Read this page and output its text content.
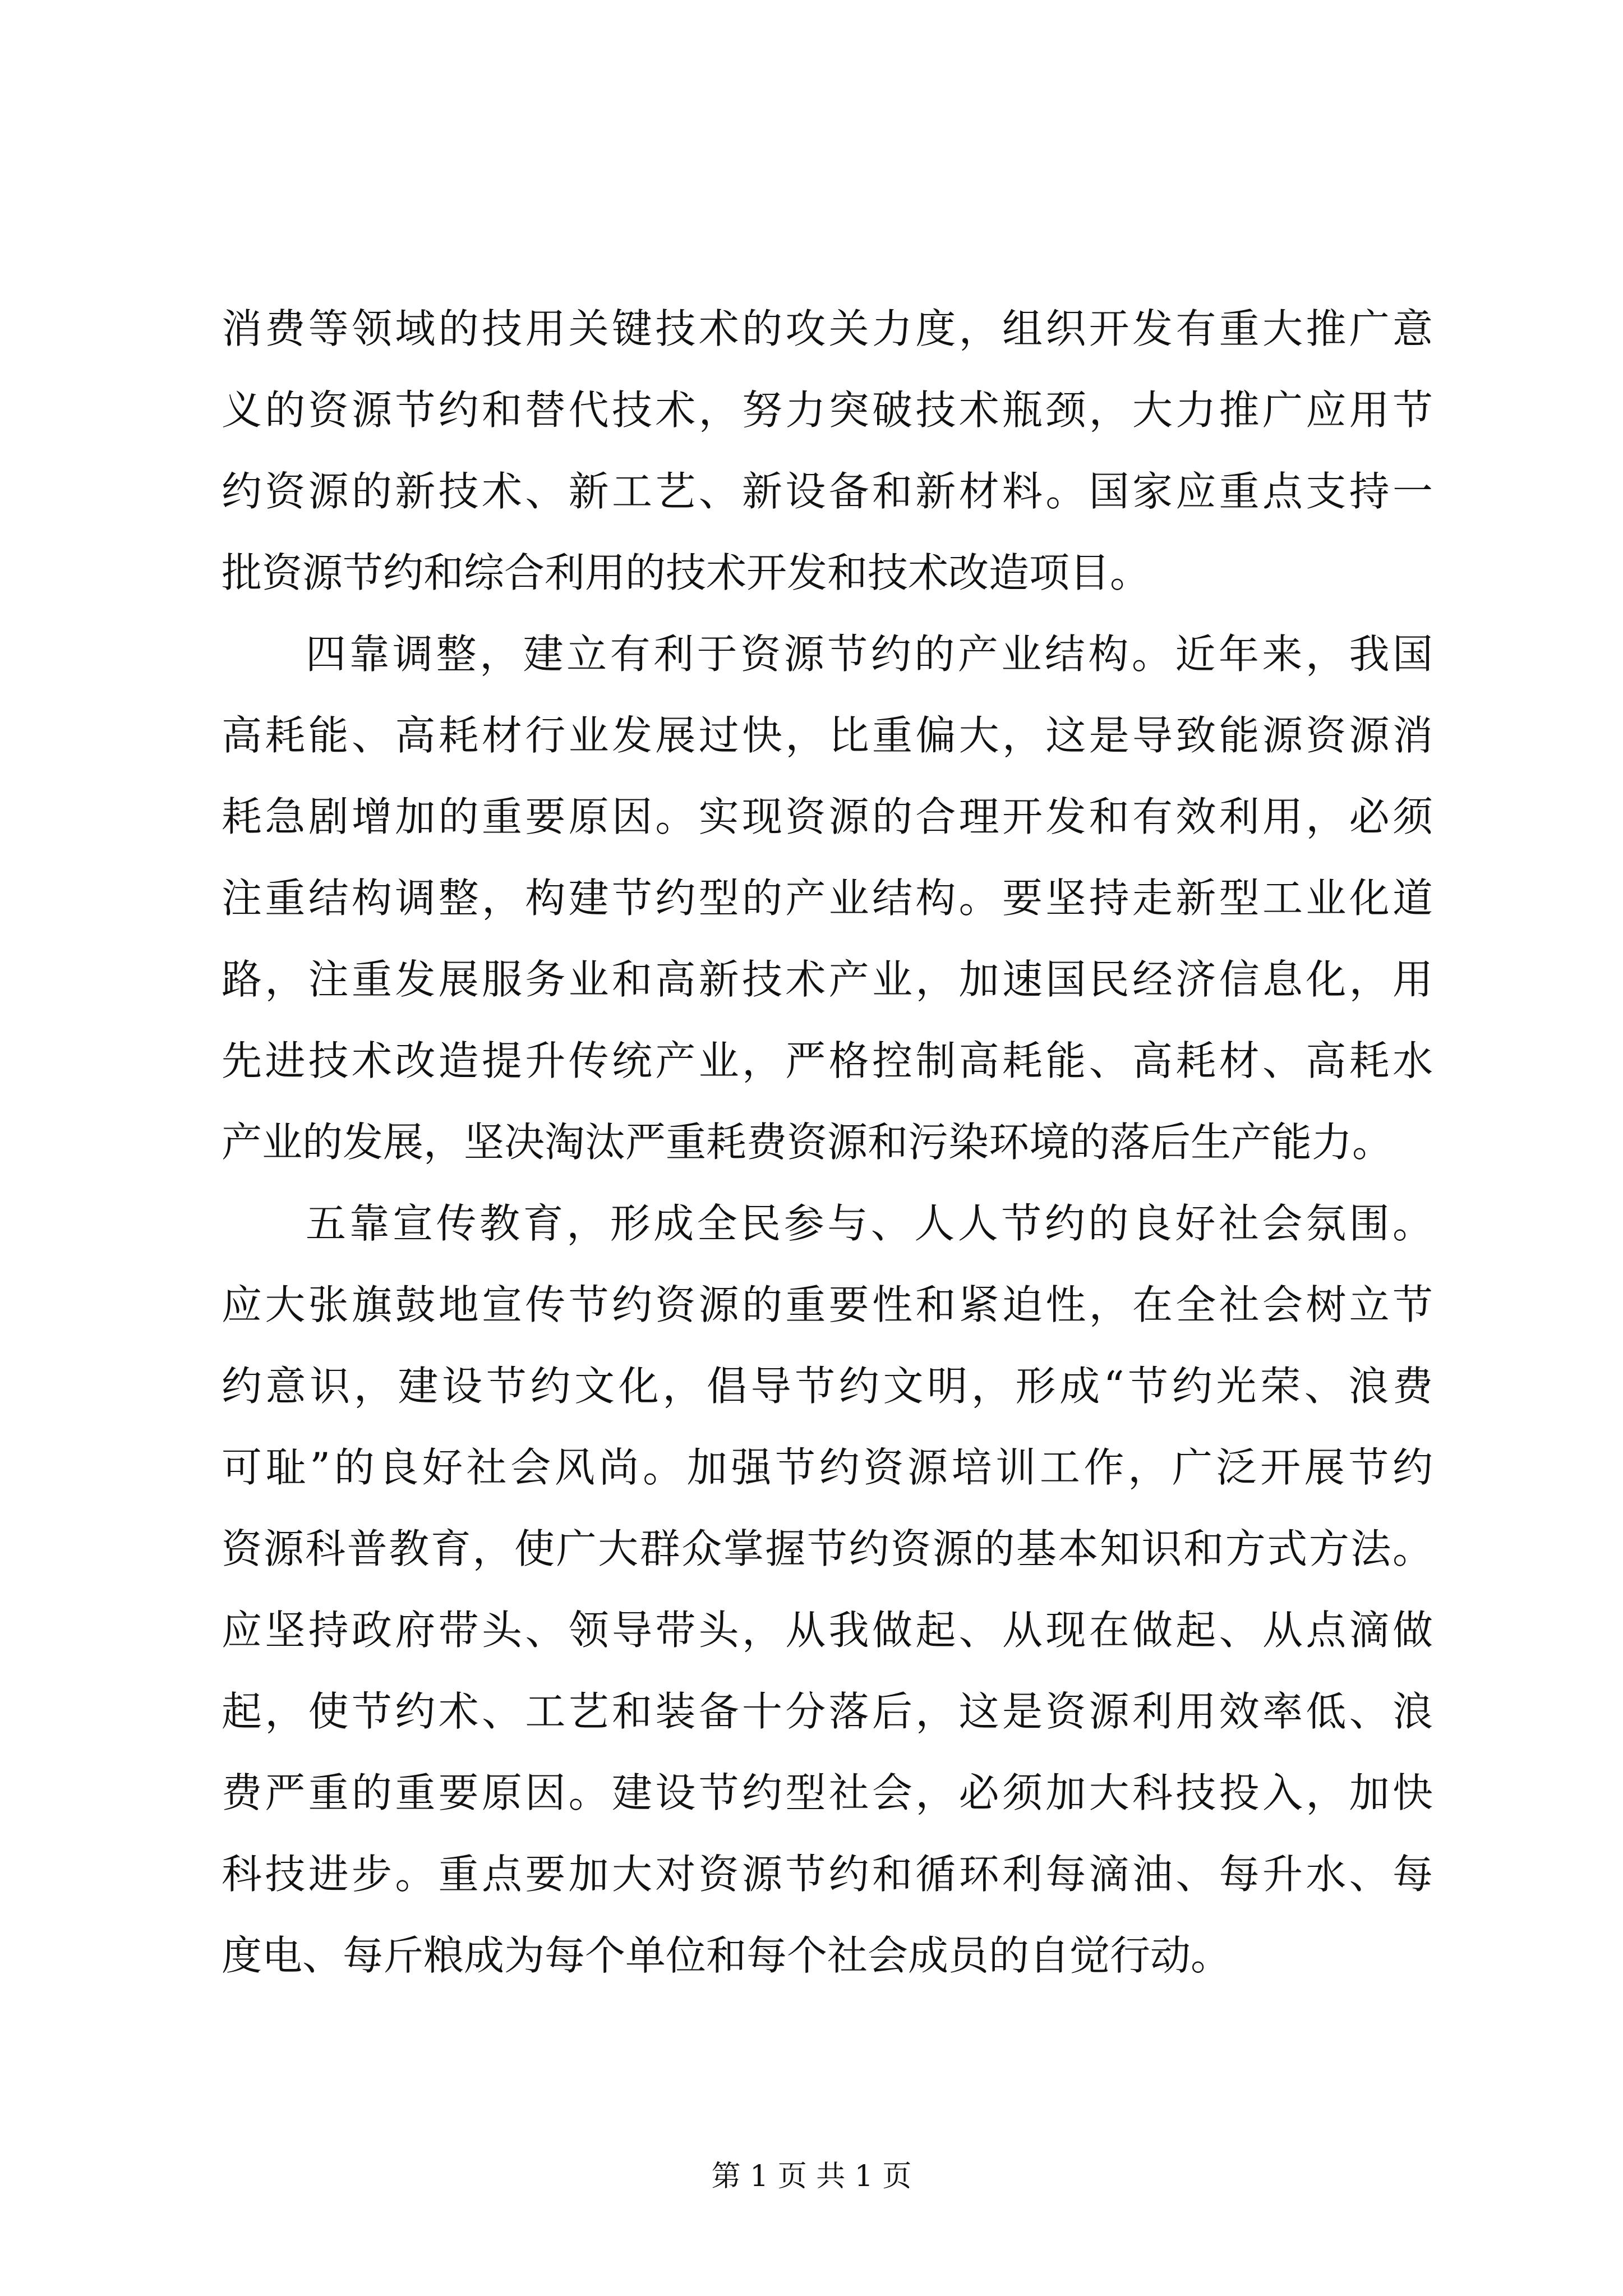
消费等领域的技用关键技术的攻关力度，组织开发有重大推广意
义的资源节约和替代技术，努力突破技术瓶颈，大力推广应用节
约资源的新技术、新工艺、新设备和新材料。国家应重点支持一
批资源节约和综合利用的技术开发和技术改造项目。
四靠调整，建立有利于资源节约的产业结构。近年来，我国
高耗能、高耗材行业发展过快，比重偏大，这是导致能源资源消
耗急剧增加的重要原因。实现资源的合理开发和有效利用，必须
注重结构调整，构建节约型的产业结构。要坚持走新型工业化道
路，注重发展服务业和高新技术产业，加速国民经济信息化，用
先进技术改造提升传统产业，严格控制高耗能、高耗材、高耗水
产业的发展，坚决淘汰严重耗费资源和污染环境的落后生产能力。
五靠宣传教育，形成全民参与、人人节约的良好社会氛围。
应大张旗鼓地宣传节约资源的重要性和紧迫性，在全社会树立节
约意识，建设节约文化，倡导节约文明，形成“节约光荣、浪费
可耻”的良好社会风尚。加强节约资源培训工作，广泛开展节约
资源科普教育，使广大群众掌握节约资源的基本知识和方式方法。
应坚持政府带头、领导带头，从我做起、从现在做起、从点滴做
起，使节约术、工艺和装备十分落后，这是资源利用效率低、浪
费严重的重要原因。建设节约型社会，必须加大科技投入，加快
科技进步。重点要加大对资源节约和循环利每滴油、每升水、每
度电、每斤粮成为每个单位和每个社会成员的自觉行动。
第 1 页 共 1 页
